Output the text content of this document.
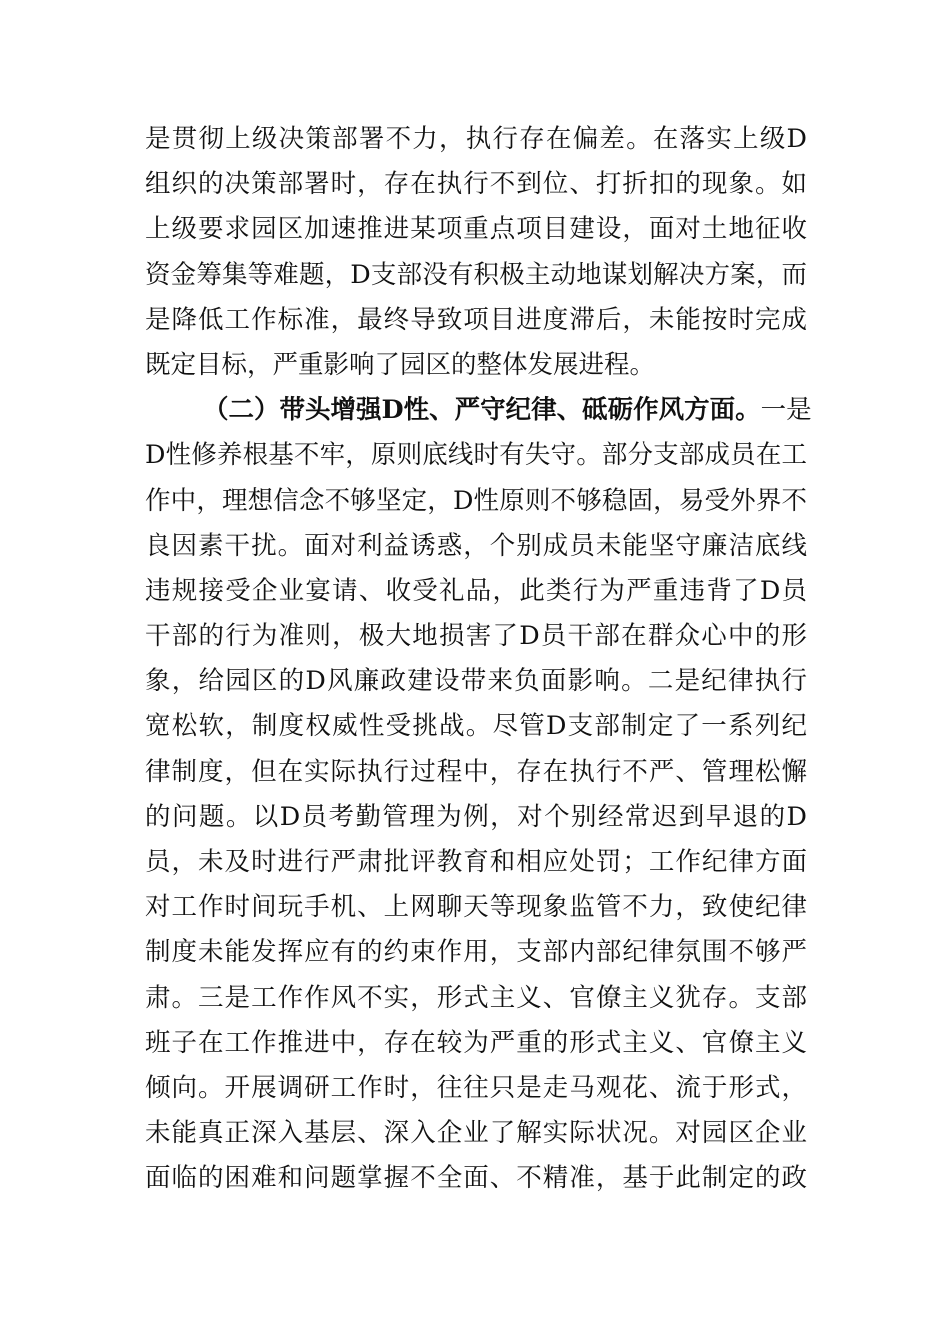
是贯彻上级决策部署不力，执行存在偏差。在落实上级D
组织的决策部署时，存在执行不到位、打折扣的现象。如
上级要求园区加速推进某项重点项目建设，面对土地征收
资金筹集等难题，D支部没有积极主动地谋划解决方案，而
是降低工作标准，最终导致项目进度滞后，未能按时完成
既定目标，严重影响了园区的整体发展进程。
（二）带头增强D性、严守纪律、砥砺作风方面。一是
D性修养根基不牢，原则底线时有失守。部分支部成员在工
作中，理想信念不够坚定，D性原则不够稳固，易受外界不
良因素干扰。面对利益诱惑，个别成员未能坚守廉洁底线
违规接受企业宴请、收受礼品，此类行为严重违背了D员
干部的行为准则，极大地损害了D员干部在群众心中的形
象，给园区的D风廉政建设带来负面影响。二是纪律执行
宽松软，制度权威性受挑战。尽管D支部制定了一系列纪
律制度，但在实际执行过程中，存在执行不严、管理松懈
的问题。以D员考勤管理为例，对个别经常迟到早退的D
员，未及时进行严肃批评教育和相应处罚；工作纪律方面
对工作时间玩手机、上网聊天等现象监管不力，致使纪律
制度未能发挥应有的约束作用，支部内部纪律氛围不够严
肃。三是工作作风不实，形式主义、官僚主义犹存。支部
班子在工作推进中，存在较为严重的形式主义、官僚主义
倾向。开展调研工作时，往往只是走马观花、流于形式，
未能真正深入基层、深入企业了解实际状况。对园区企业
面临的困难和问题掌握不全面、不精准，基于此制定的政
